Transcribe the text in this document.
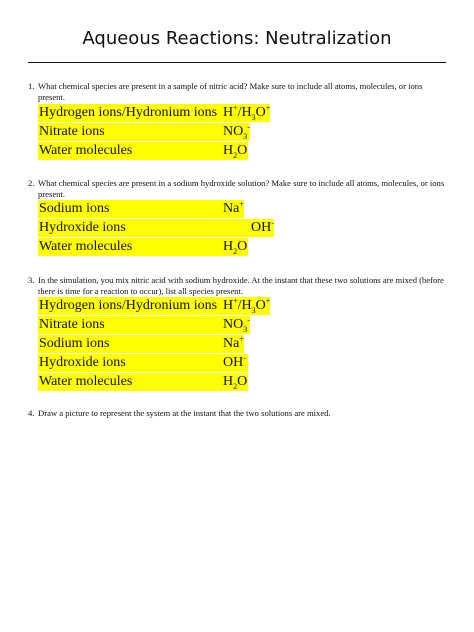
Aqueous Reactions: Neutralization
1. What chemical species are present in a sample of nitric acid? Make sure to include all atoms, molecules, or ions present.
Hydrogen ions/Hydronium ions $H^+/H_3O^+$
Nitrate ions	$NO_3^-$
Water molecules	$H_2O$
2. What chemical species are present in a sodium hydroxide solution? Make sure to include all atoms, molecules, or ions present.
Sodium ions	Na+
Hydroxide ions	OH-
Water molecules	$H_2O$
3. In the simulation, you mix nitric acid with sodium hydroxide. At the instant that these two solutions are mixed (before there is time for a reaction to occur), list all species present.
Hydrogen ions/Hydronium ions $H^+/H_3O^+$
Nitrate ions	$NO_3^-$
Sodium ions	Na+
Hydroxide ions	OH-
Water molecules	$H_2O$
4. Draw a picture to represent the system at the instant that the two solutions are mixed.
